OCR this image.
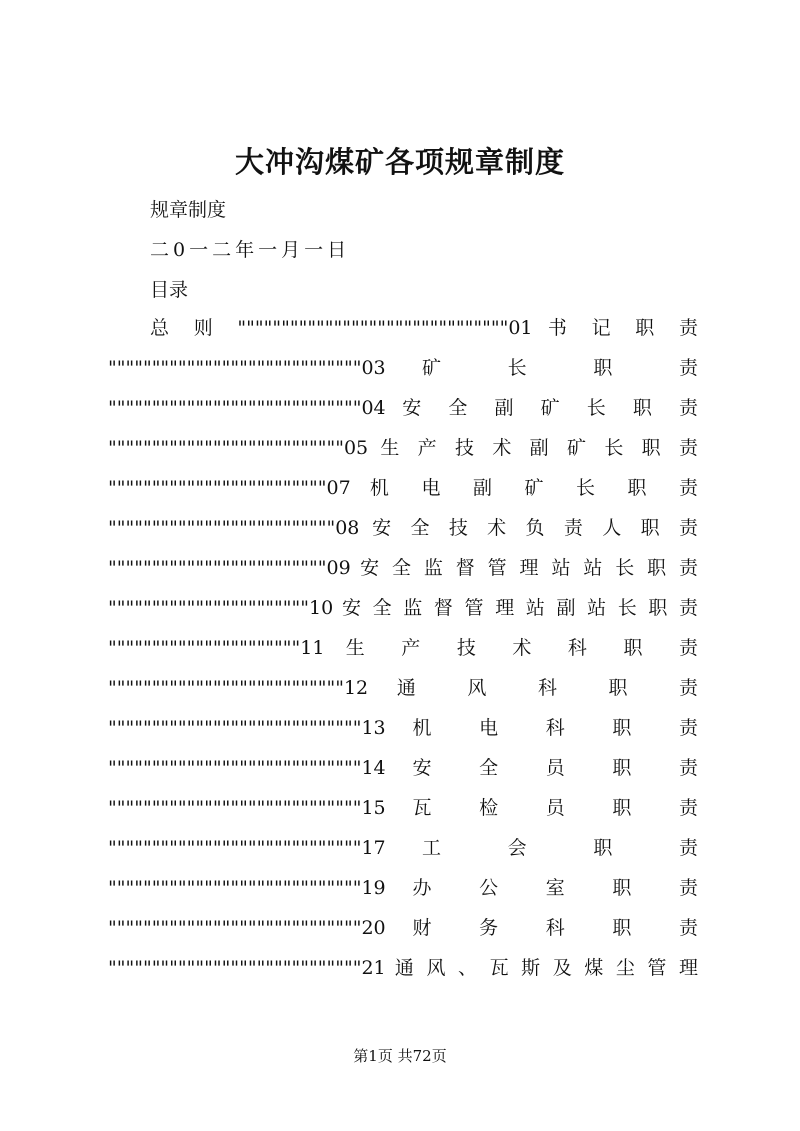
大冲沟煤矿各项规章制度
规章制度
二0一二年一月一日
目录
总 则 """""""""""""""""""""""""""""""01 书 记 职 责
"""""""""""""""""""""""""""""03 矿 长 职 责
"""""""""""""""""""""""""""""04 安 全 副 矿 长 职 责
"""""""""""""""""""""""""""05 生 产 技 术 副 矿 长 职 责
"""""""""""""""""""""""""07 机 电 副 矿 长 职 责
""""""""""""""""""""""""""08 安 全 技 术 负 责 人 职 责
"""""""""""""""""""""""""09 安 全 监 督 管 理 站 站 长 职 责
"""""""""""""""""""""""10 安 全 监 督 管 理 站 副 站 长 职 责
""""""""""""""""""""""11 生 产 技 术 科 职 责
"""""""""""""""""""""""""""12 通 风 科 职 责
"""""""""""""""""""""""""""""13 机 电 科 职 责
"""""""""""""""""""""""""""""14 安 全 员 职 责
"""""""""""""""""""""""""""""15 瓦 检 员 职 责
"""""""""""""""""""""""""""""17 工 会 职 责
"""""""""""""""""""""""""""""19 办 公 室 职 责
"""""""""""""""""""""""""""""20 财 务 科 职 责
"""""""""""""""""""""""""""""21 通 风 、 瓦 斯 及 煤 尘 管 理
第1页 共72页
